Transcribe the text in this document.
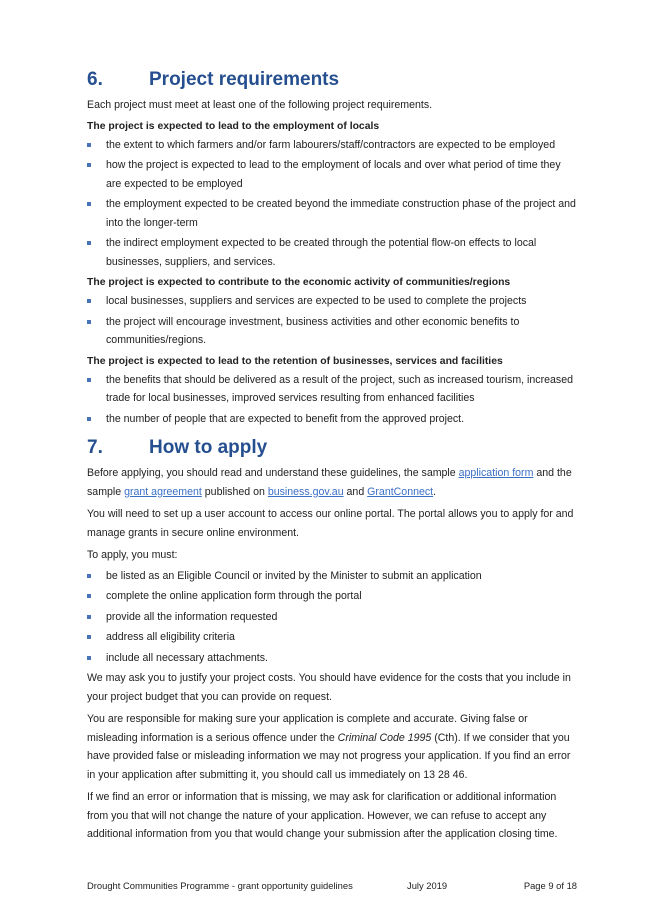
6.	Project requirements

Each project must meet at least one of the following project requirements.

The project is expected to lead to the employment of locals

the extent to which farmers and/or farm labourers/staff/contractors are expected to be employed
how the project is expected to lead to the employment of locals and over what period of time they are expected to be employed
the employment expected to be created beyond the immediate construction phase of the project and into the longer-term
the indirect employment expected to be created through the potential flow-on effects to local businesses, suppliers, and services.

The project is expected to contribute to the economic activity of communities/regions

local businesses, suppliers and services are expected to be used to complete the projects
the project will encourage investment, business activities and other economic benefits to communities/regions.

The project is expected to lead to the retention of businesses, services and facilities

the benefits that should be delivered as a result of the project, such as increased tourism, increased trade for local businesses, improved services resulting from enhanced facilities
the number of people that are expected to benefit from the approved project.
7.	How to apply

Before applying, you should read and understand these guidelines, the sample application form and the sample grant agreement published on business.gov.au and GrantConnect.

You will need to set up a user account to access our online portal. The portal allows you to apply for and manage grants in secure online environment.

To apply, you must:

be listed as an Eligible Council or invited by the Minister to submit an application
complete the online application form through the portal
provide all the information requested
address all eligibility criteria
include all necessary attachments.

We may ask you to justify your project costs. You should have evidence for the costs that you include in your project budget that you can provide on request.

You are responsible for making sure your application is complete and accurate. Giving false or misleading information is a serious offence under the Criminal Code 1995 (Cth). If we consider that you have provided false or misleading information we may not progress your application. If you find an error in your application after submitting it, you should call us immediately on 13 28 46.

If we find an error or information that is missing, we may ask for clarification or additional information from you that will not change the nature of your application. However, we can refuse to accept any additional information from you that would change your submission after the application closing time.

Drought Communities Programme - grant opportunity guidelines	July 2019	Page 9 of 18
